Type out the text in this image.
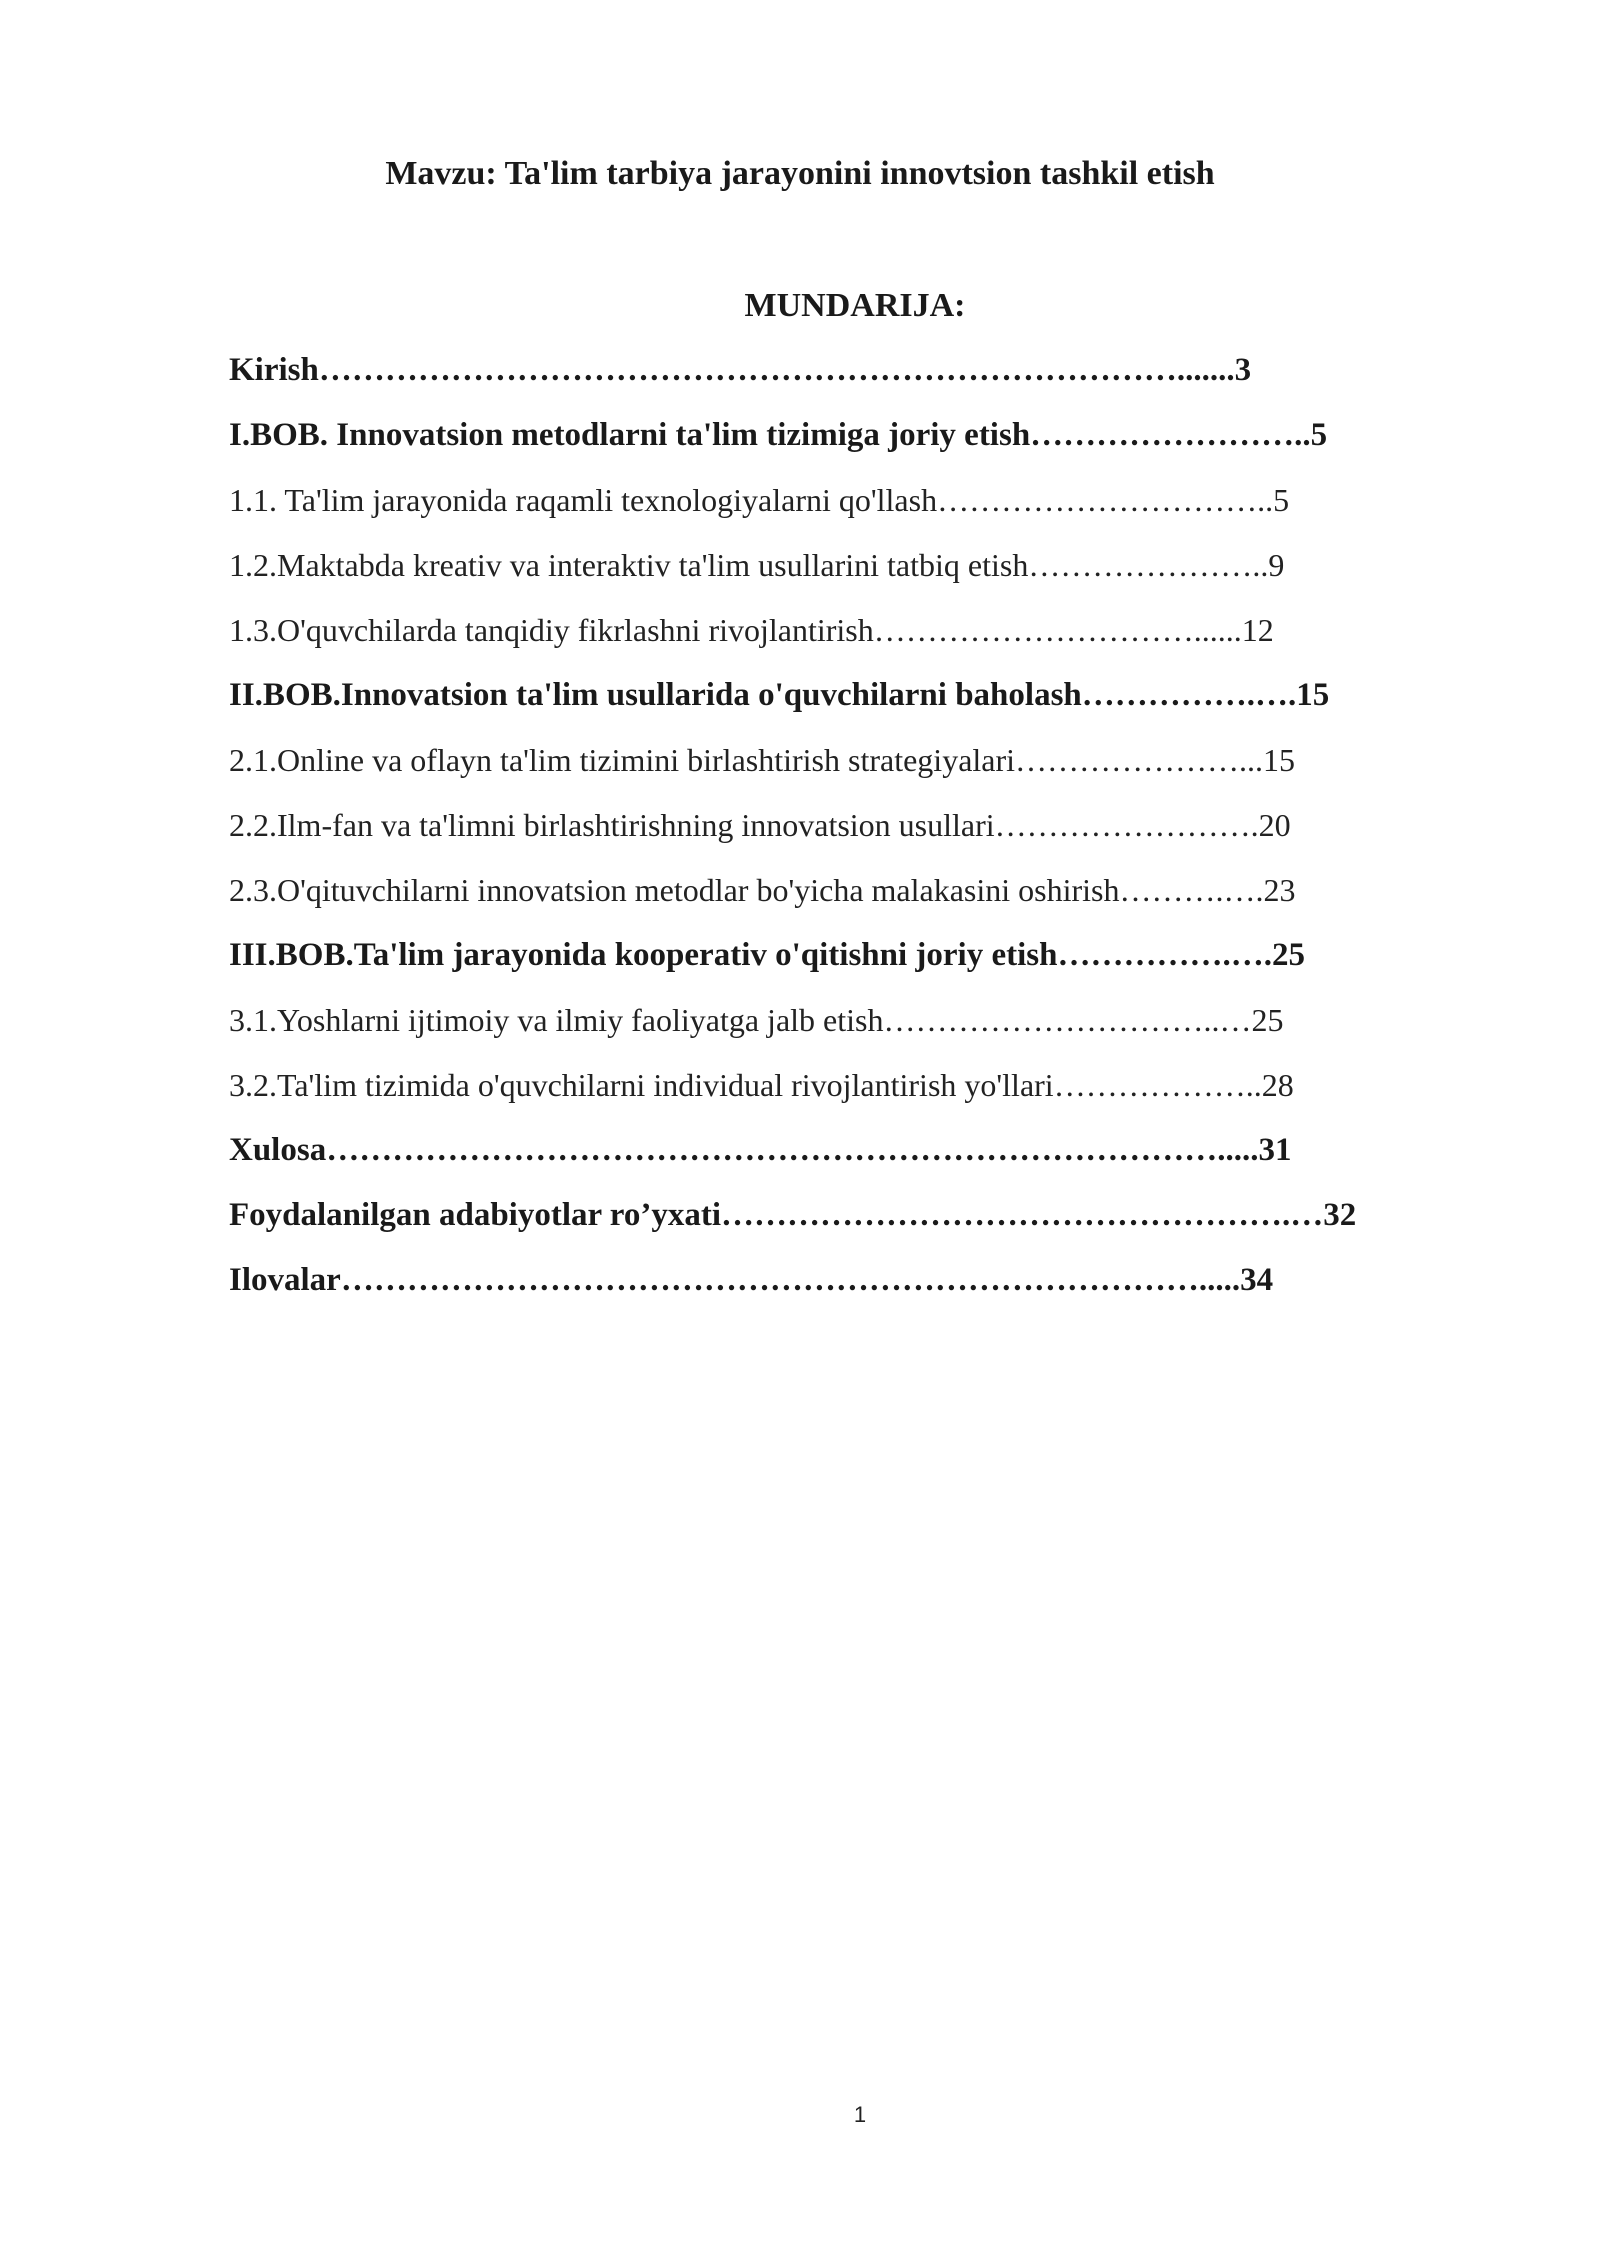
Mavzu: Ta'lim tarbiya jarayonini innovtsion tashkil etish
MUNDARIJA:
Kirish…………………………………………………………………….......3
I.BOB. Innovatsion metodlarni ta'lim tizimiga joriy etish……………………..5
1.1. Ta'lim jarayonida raqamli texnologiyalarni qo'llash…………………………..5
1.2.Maktabda kreativ va interaktiv ta'lim usullarini tatbiq etish…………………..9
1.3.O'quvchilarda tanqidiy fikrlashni rivojlantirish…………………………......12
II.BOB.Innovatsion ta'lim usullarida o'quvchilarni baholash…………….….15
2.1.Online va oflayn ta'lim tizimini birlashtirish strategiyalari…………………...15
2.2.Ilm-fan va ta'limni birlashtirishning innovatsion usullari…………………….20
2.3.O'qituvchilarni innovatsion metodlar bo'yicha malakasini oshirish……….….23
III.BOB.Ta'lim jarayonida kooperativ o'qitishni joriy etish…………….….25
3.1.Yoshlarni ijtimoiy va ilmiy faoliyatga jalb etish…………………………..…25
3.2.Ta'lim tizimida o'quvchilarni individual rivojlantirish yo'llari………………..28
Xulosa……………………………………………………………………….....31
Foydalanilgan adabiyotlar ro’yxati…………………………………………….…32
Ilovalar…………………………………………………………………….....34
1
